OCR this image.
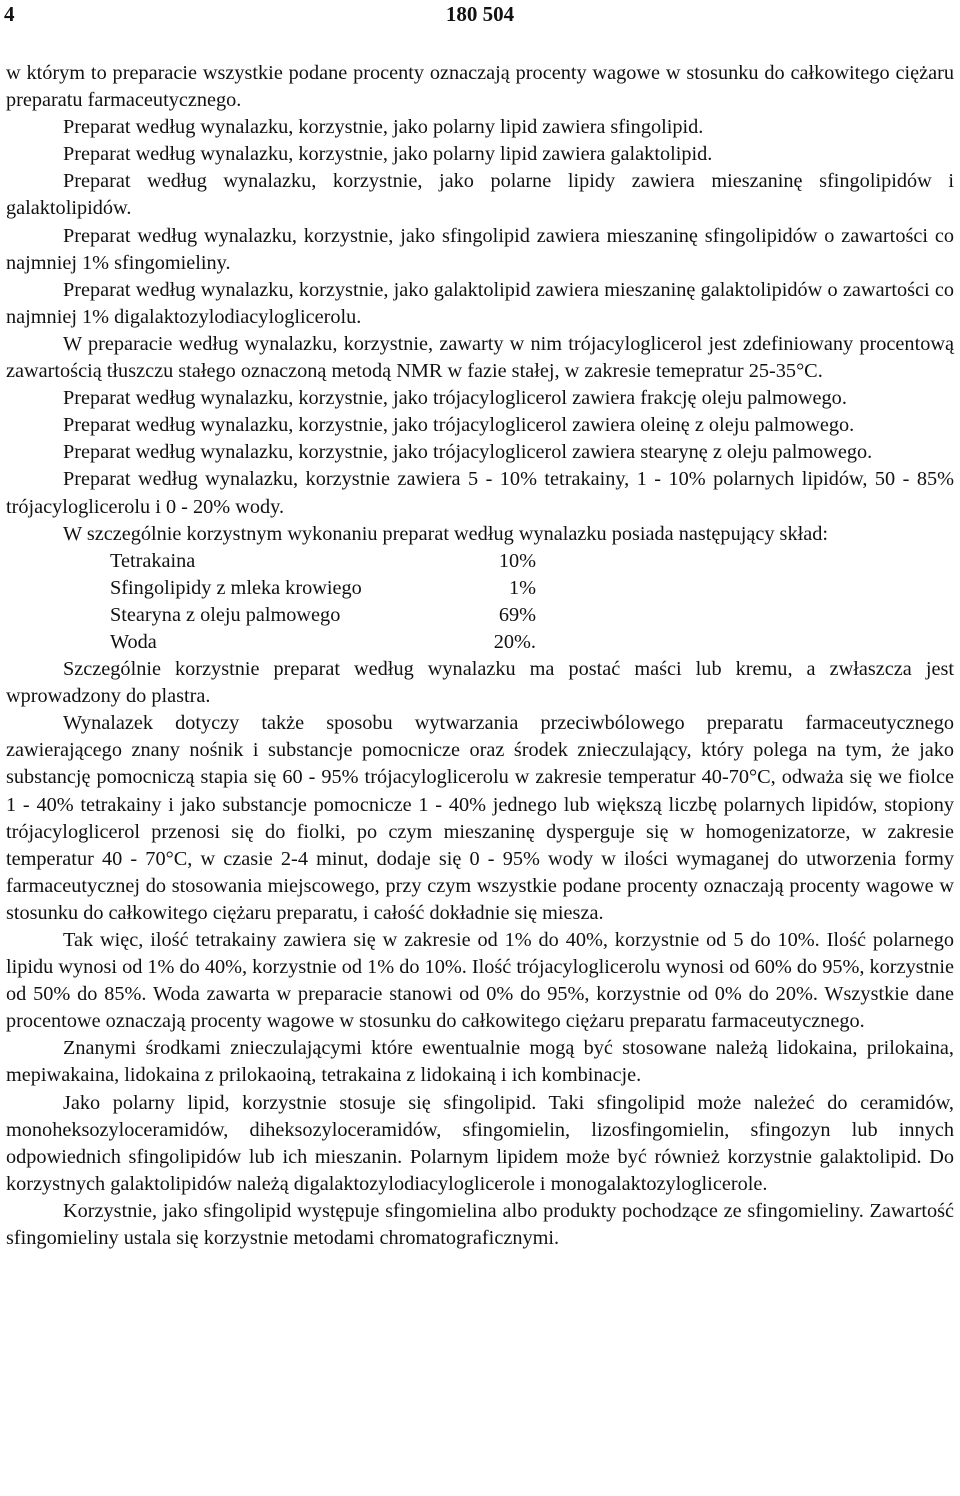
4	180 504

w którym to preparacie wszystkie podane procenty oznaczają procenty wagowe w stosunku do całkowitego ciężaru preparatu farmaceutycznego.

Preparat według wynalazku, korzystnie, jako polarny lipid zawiera sfingolipid.

Preparat według wynalazku, korzystnie, jako polarny lipid zawiera galaktolipid.

Preparat według wynalazku, korzystnie, jako polarne lipidy zawiera mieszaninę sfingolipidów i galaktolipidów.

Preparat według wynalazku, korzystnie, jako sfingolipid zawiera mieszaninę sfingolipidów o zawartości co najmniej 1% sfingomieliny.

Preparat według wynalazku, korzystnie, jako galaktolipid zawiera mieszaninę galaktolipidów o zawartości co najmniej 1% digalaktozylodiacyloglicerolu.

W preparacie według wynalazku, korzystnie, zawarty w nim trójacyloglicerol jest zdefiniowany procentową zawartością tłuszczu stałego oznaczoną metodą NMR w fazie stałej, w zakresie temepratur 25-35°C.

Preparat według wynalazku, korzystnie, jako trójacyloglicerol zawiera frakcję oleju palmowego.

Preparat według wynalazku, korzystnie, jako trójacyloglicerol zawiera oleinę z oleju palmowego.

Preparat według wynalazku, korzystnie, jako trójacyloglicerol zawiera stearynę z oleju palmowego.

Preparat według wynalazku, korzystnie zawiera 5 - 10% tetrakainy, 1 - 10% polarnych lipidów, 50 - 85% trójacyloglicerolu i 0 - 20% wody.

W szczególnie korzystnym wykonaniu preparat według wynalazku posiada następujący skład:

Tetrakaina	10%
Sfingolipidy z mleka krowiego	1%
Stearyna z oleju palmowego	69%
Woda	20%.

Szczególnie korzystnie preparat według wynalazku ma postać maści lub kremu, a zwłaszcza jest wprowadzony do plastra.

Wynalazek dotyczy także sposobu wytwarzania przeciwbólowego preparatu farmaceutycznego zawierającego znany nośnik i substancje pomocnicze oraz środek znieczulający, który polega na tym, że jako substancję pomocniczą stapia się 60 - 95% trójacyloglicerolu w zakresie temperatur 40-70°C, odważa się we fiolce 1 - 40% tetrakainy i jako substancje pomocnicze 1 - 40% jednego lub większą liczbę polarnych lipidów, stopiony trójacyloglicerol przenosi się do fiolki, po czym mieszaninę dysperguje się w homogenizatorze, w zakresie temperatur 40 - 70°C, w czasie 2-4 minut, dodaje się 0 - 95% wody w ilości wymaganej do utworzenia formy farmaceutycznej do stosowania miejscowego, przy czym wszystkie podane procenty oznaczają procenty wagowe w stosunku do całkowitego ciężaru preparatu, i całość dokładnie się miesza.

Tak więc, ilość tetrakainy zawiera się w zakresie od 1% do 40%, korzystnie od 5 do 10%. Ilość polarnego lipidu wynosi od 1% do 40%, korzystnie od 1% do 10%. Ilość trójacyloglicerolu wynosi od 60% do 95%, korzystnie od 50% do 85%. Woda zawarta w preparacie stanowi od 0% do 95%, korzystnie od 0% do 20%. Wszystkie dane procentowe oznaczają procenty wagowe w stosunku do całkowitego ciężaru preparatu farmaceutycznego.

Znanymi środkami znieczulającymi które ewentualnie mogą być stosowane należą lidokaina, prilokaina, mepiwakaina, lidokaina z prilokaoiną, tetrakaina z lidokainą i ich kombinacje.

Jako polarny lipid, korzystnie stosuje się sfingolipid. Taki sfingolipid może należeć do ceramidów, monoheksozyloceramidów, diheksozyloceramidów, sfingomielin, lizosfingomielin, sfingozyn lub innych odpowiednich sfingolipidów lub ich mieszanin. Polarnym lipidem może być również korzystnie galaktolipid. Do korzystnych galaktolipidów należą digalaktozylodiacyloglicerole i monogalaktozyloglicerole.

Korzystnie, jako sfingolipid występuje sfingomielina albo produkty pochodzące ze sfingomieliny. Zawartość sfingomieliny ustala się korzystnie metodami chromatograficznymi.
